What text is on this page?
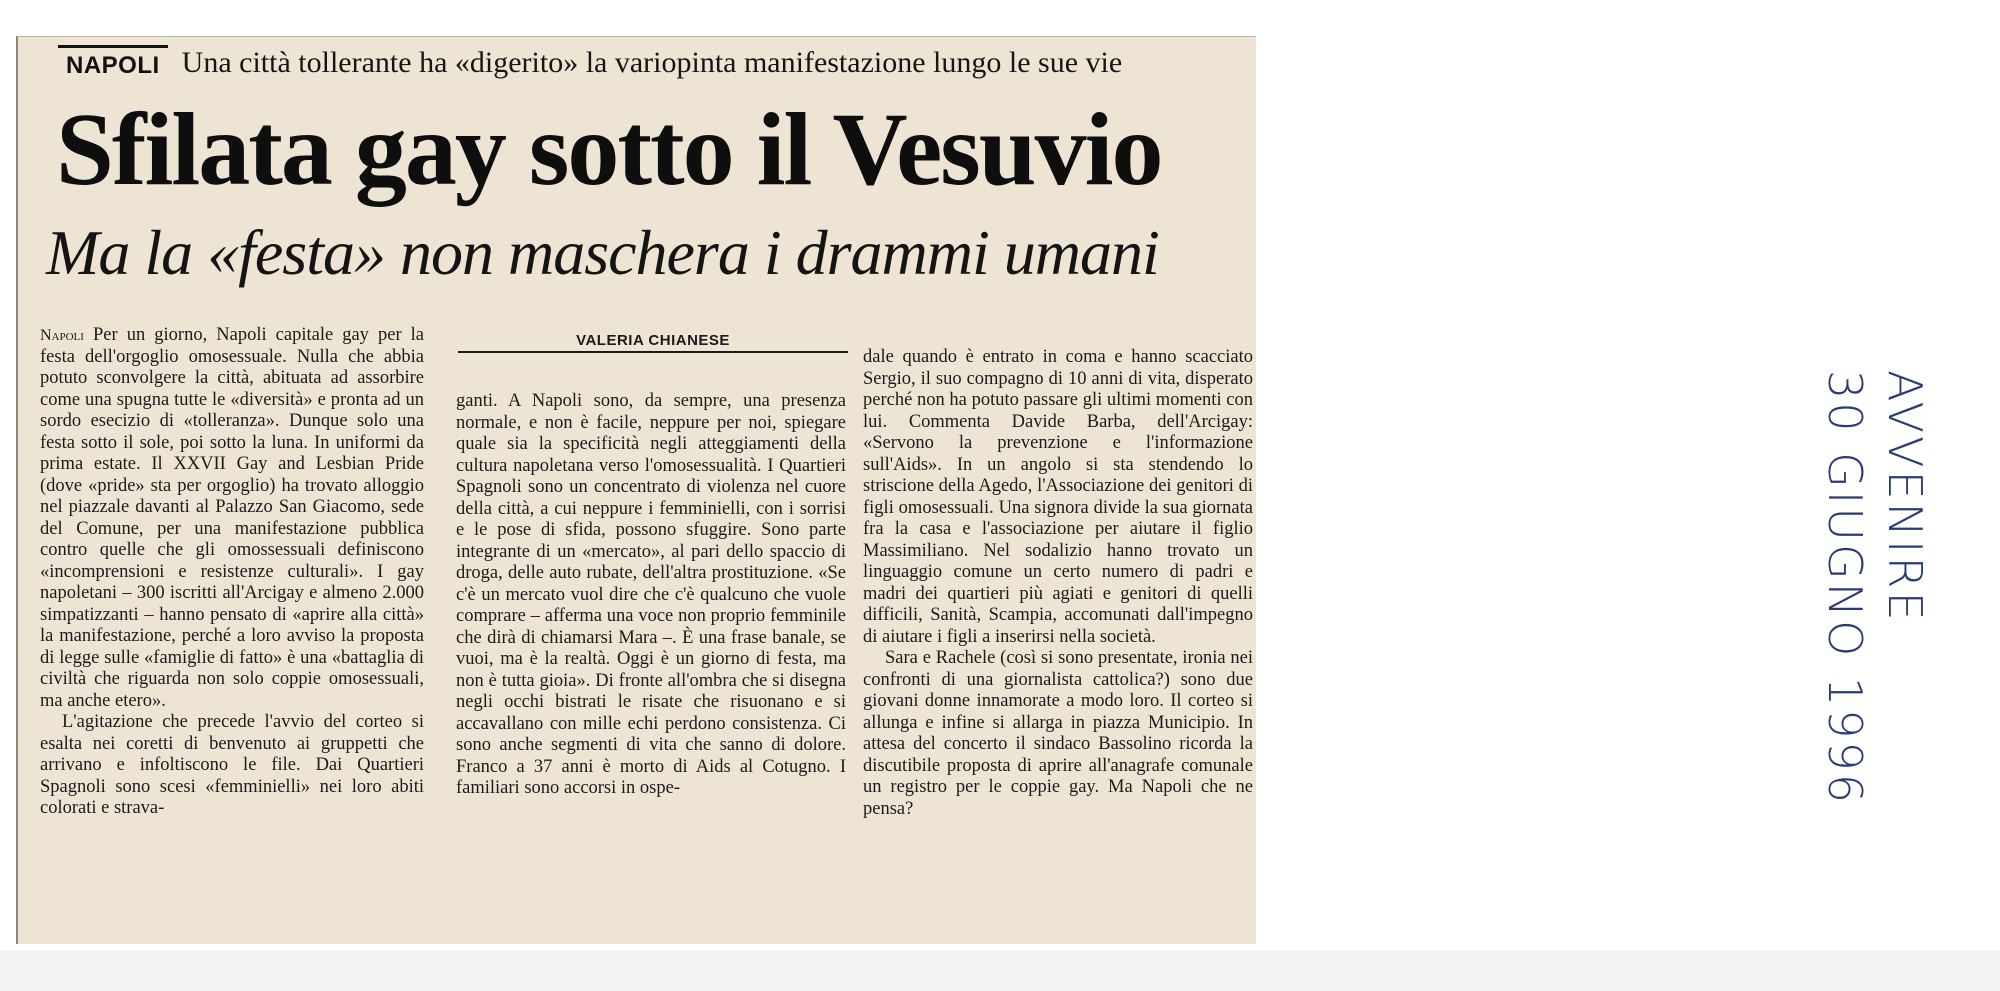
NAPOLI Una città tollerante ha «digerito» la variopinta manifestazione lungo le sue vie
Sfilata gay sotto il Vesuvio
Ma la «festa» non maschera i drammi umani
VALERIA CHIANESE

Napoli Per un giorno, Napoli capitale gay per la festa dell'orgoglio omosessuale. Nulla che abbia potuto sconvolgere la città, abituata ad assorbire come una spugna tutte le «diversità» e pronta ad un sordo esecizio di «tolleranza». Dunque solo una festa sotto il sole, poi sotto la luna. In uniformi da prima estate. Il XXVII Gay and Lesbian Pride (dove «pride» sta per orgoglio) ha trovato alloggio nel piazzale davanti al Palazzo San Giacomo, sede del Comune, per una manifestazione pubblica contro quelle che gli omossessuali definiscono «incomprensioni e resistenze culturali». I gay napoletani – 300 iscritti all'Arcigay e almeno 2.000 simpatizzanti – hanno pensato di «aprire alla città» la manifestazione, perché a loro avviso la proposta di legge sulle «famiglie di fatto» è una «battaglia di civiltà che riguarda non solo coppie omosessuali, ma anche etero».

L'agitazione che precede l'avvio del corteo si esalta nei coretti di benvenuto ai gruppetti che arrivano e infoltiscono le file. Dai Quartieri Spagnoli sono scesi «femminielli» nei loro abiti colorati e strava-

ganti. A Napoli sono, da sempre, una presenza normale, e non è facile, neppure per noi, spiegare quale sia la specificità negli atteggiamenti della cultura napoletana verso l'omosessualità. I Quartieri Spagnoli sono un concentrato di violenza nel cuore della città, a cui neppure i femminielli, con i sorrisi e le pose di sfida, possono sfuggire. Sono parte integrante di un «mercato», al pari dello spaccio di droga, delle auto rubate, dell'altra prostituzione. «Se c'è un mercato vuol dire che c'è qualcuno che vuole comprare – afferma una voce non proprio femminile che dirà di chiamarsi Mara –. È una frase banale, se vuoi, ma è la realtà. Oggi è un giorno di festa, ma non è tutta gioia». Di fronte all'ombra che si disegna negli occhi bistrati le risate che risuonano e si accavallano con mille echi perdono consistenza. Ci sono anche segmenti di vita che sanno di dolore. Franco a 37 anni è morto di Aids al Cotugno. I familiari sono accorsi in ospe-

dale quando è entrato in coma e hanno scacciato Sergio, il suo compagno di 10 anni di vita, disperato perché non ha potuto passare gli ultimi momenti con lui. Commenta Davide Barba, dell'Arcigay: «Servono la prevenzione e l'informazione sull'Aids». In un angolo si sta stendendo lo striscione della Agedo, l'Associazione dei genitori di figli omosessuali. Una signora divide la sua giornata fra la casa e l'associazione per aiutare il figlio Massimiliano. Nel sodalizio hanno trovato un linguaggio comune un certo numero di padri e madri dei quartieri più agiati e genitori di quelli difficili, Sanità, Scampia, accomunati dall'impegno di aiutare i figli a inserirsi nella società.

Sara e Rachele (così si sono presentate, ironia nei confronti di una giornalista cattolica?) sono due giovani donne innamorate a modo loro. Il corteo si allunga e infine si allarga in piazza Municipio. In attesa del concerto il sindaco Bassolino ricorda la discutibile proposta di aprire all'anagrafe comunale un registro per le coppie gay. Ma Napoli che ne pensa?

AVVENIRE
30 GIUGNO 1996
